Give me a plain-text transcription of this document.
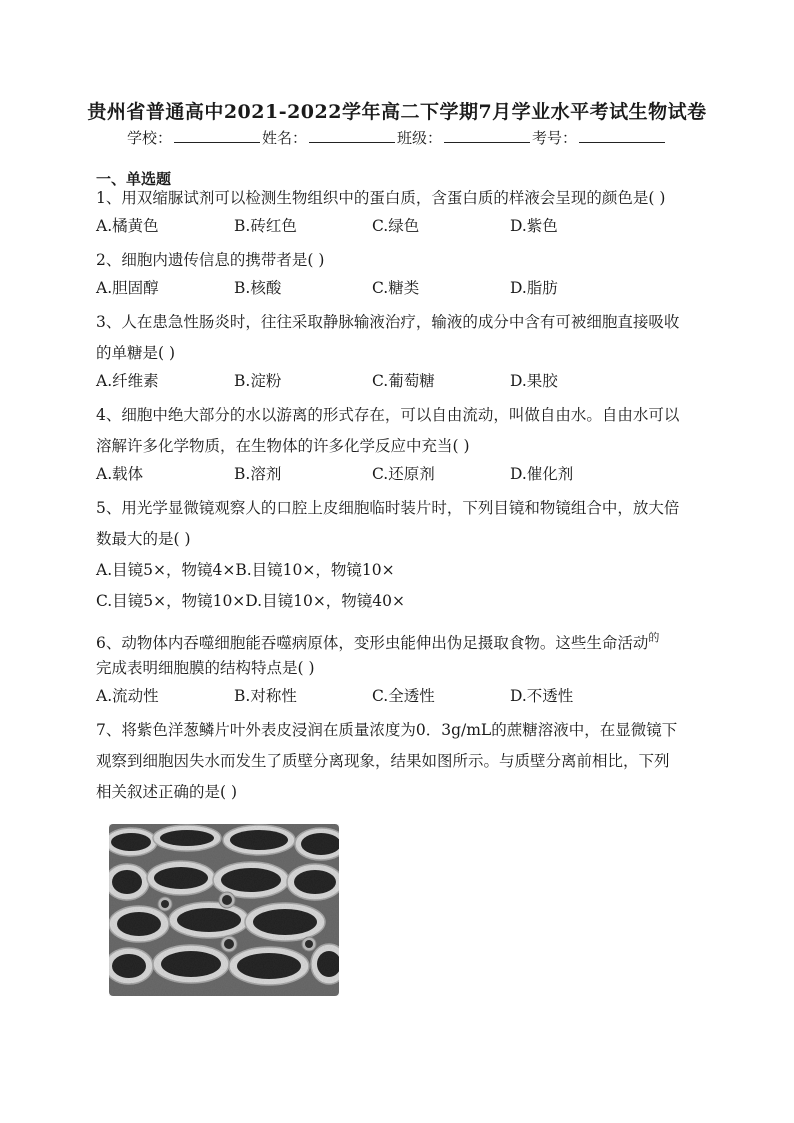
贵州省普通高中2021-2022学年高二下学期7月学业水平考试生物试卷
学校：	姓名：	班级：	考号：
一、单选题
1、用双缩脲试剂可以检测生物组织中的蛋白质，含蛋白质的样液会呈现的颜色是( )
A.橘黄色	B.砖红色	C.绿色	D.紫色
2、细胞内遗传信息的携带者是( )
A.胆固醇	B.核酸	C.糖类	D.脂肪
3、人在患急性肠炎时，往往采取静脉输液治疗，输液的成分中含有可被细胞直接吸收
的单糖是( )
A.纤维素	B.淀粉	C.葡萄糖	D.果胶
4、细胞中绝大部分的水以游离的形式存在，可以自由流动，叫做自由水。自由水可以
溶解许多化学物质，在生物体的许多化学反应中充当( )
A.载体	B.溶剂	C.还原剂	D.催化剂
5、用光学显微镜观察人的口腔上皮细胞临时装片时，下列目镜和物镜组合中，放大倍
数最大的是( )
A.目镜5×，物镜4×B.目镜10×，物镜10×
C.目镜5×，物镜10×D.目镜10×，物镜40×
6、动物体内吞噬细胞能吞噬病原体，变形虫能伸出伪足摄取食物。这些生命活动$^的$
完成表明细胞膜的结构特点是( )
A.流动性	B.对称性	C.全透性	D.不透性
7、将紫色洋葱鳞片叶外表皮浸润在质量浓度为0．3g/mL的蔗糖溶液中，在显微镜下
观察到细胞因失水而发生了质壁分离现象，结果如图所示。与质壁分离前相比，下列
相关叙述正确的是( )
